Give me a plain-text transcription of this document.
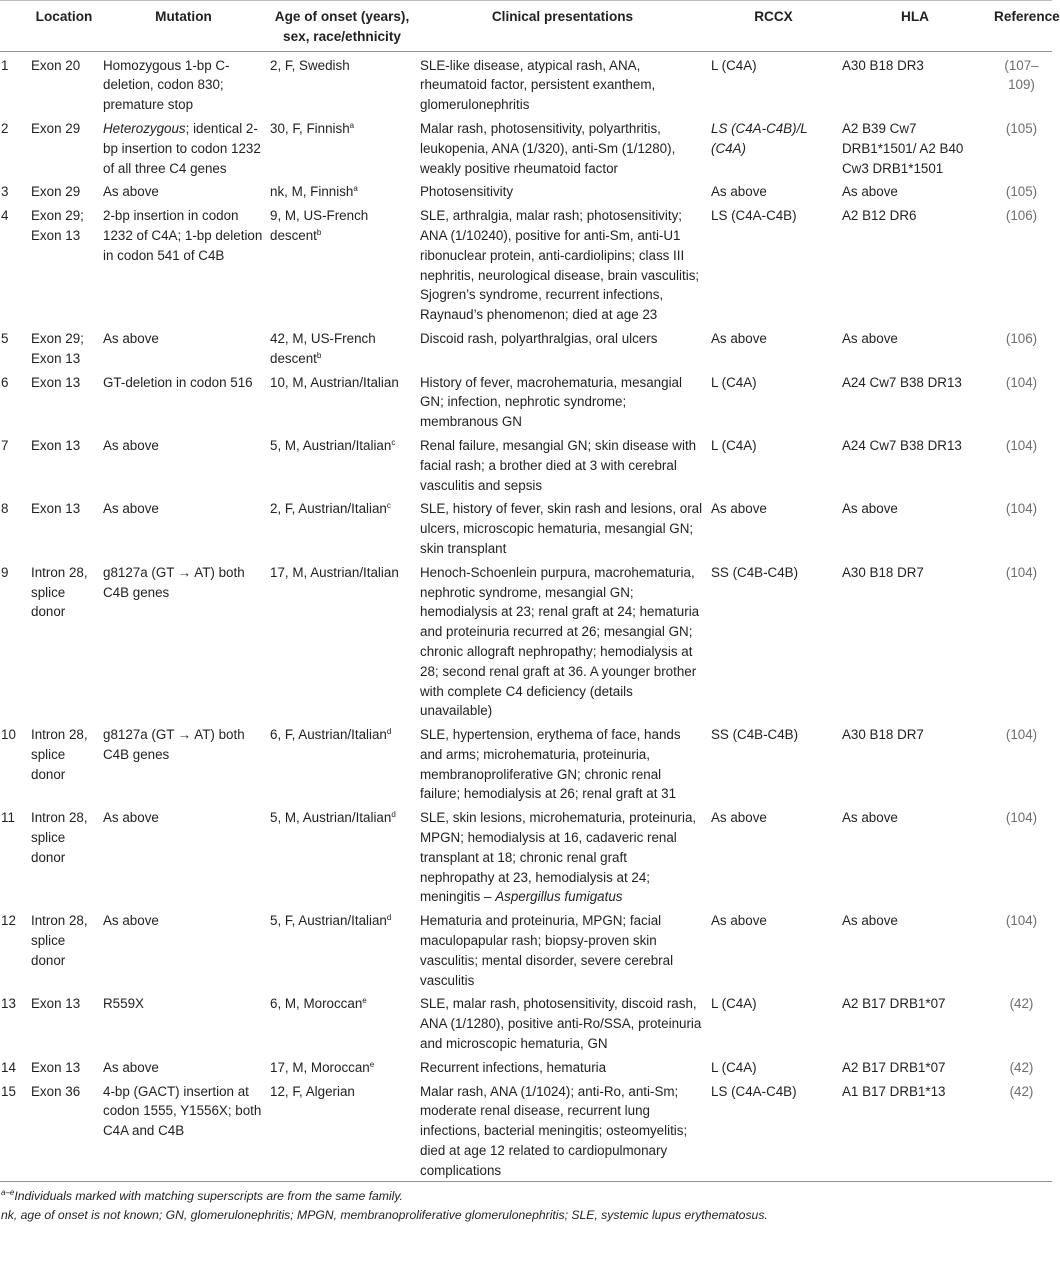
	Location	Mutation	Age of onset (years), sex, race/ethnicity	Clinical presentations	RCCX	HLA	Reference
1	Exon 20	Homozygous 1-bp C-deletion, codon 830; premature stop	2, F, Swedish	SLE-like disease, atypical rash, ANA, rheumatoid factor, persistent exanthem, glomerulonephritis	L (C4A)	A30 B18 DR3	(107–109)
2	Exon 29	Heterozygous; identical 2-bp insertion to codon 1232 of all three C4 genes	30, F, Finnish$^a$	Malar rash, photosensitivity, polyarthritis, leukopenia, ANA (1/320), anti-Sm (1/1280), weakly positive rheumatoid factor	LS (C4A-C4B)/L (C4A)	A2 B39 Cw7 DRB1*1501/ A2 B40 Cw3 DRB1*1501	(105)
3	Exon 29	As above	nk, M, Finnish$^a$	Photosensitivity	As above	As above	(105)
4	Exon 29; Exon 13	2-bp insertion in codon 1232 of C4A; 1-bp deletion in codon 541 of C4B	9, M, US-French descent$^b$	SLE, arthralgia, malar rash; photosensitivity; ANA (1/10240), positive for anti-Sm, anti-U1 ribonuclear protein, anti-cardiolipins; class III nephritis, neurological disease, brain vasculitis; Sjogren’s syndrome, recurrent infections, Raynaud’s phenomenon; died at age 23	LS (C4A-C4B)	A2 B12 DR6	(106)
5	Exon 29; Exon 13	As above	42, M, US-French descent$^b$	Discoid rash, polyarthralgias, oral ulcers	As above	As above	(106)
6	Exon 13	GT-deletion in codon 516	10, M, Austrian/Italian	History of fever, macrohematuria, mesangial GN; infection, nephrotic syndrome; membranous GN	L (C4A)	A24 Cw7 B38 DR13	(104)
7	Exon 13	As above	5, M, Austrian/Italian$^c$	Renal failure, mesangial GN; skin disease with facial rash; a brother died at 3 with cerebral vasculitis and sepsis	L (C4A)	A24 Cw7 B38 DR13	(104)
8	Exon 13	As above	2, F, Austrian/Italian$^c$	SLE, history of fever, skin rash and lesions, oral ulcers, microscopic hematuria, mesangial GN; skin transplant	As above	As above	(104)
9	Intron 28, splice donor	g8127a (GT → AT) both C4B genes	17, M, Austrian/Italian	Henoch-Schoenlein purpura, macrohematuria, nephrotic syndrome, mesangial GN; hemodialysis at 23; renal graft at 24; hematuria and proteinuria recurred at 26; mesangial GN; chronic allograft nephropathy; hemodialysis at 28; second renal graft at 36. A younger brother with complete C4 deficiency (details unavailable)	SS (C4B-C4B)	A30 B18 DR7	(104)
10	Intron 28, splice donor	g8127a (GT → AT) both C4B genes	6, F, Austrian/Italian$^d$	SLE, hypertension, erythema of face, hands and arms; microhematuria, proteinuria, membranoproliferative GN; chronic renal failure; hemodialysis at 26; renal graft at 31	SS (C4B-C4B)	A30 B18 DR7	(104)
11	Intron 28, splice donor	As above	5, M, Austrian/Italian$^d$	SLE, skin lesions, microhematuria, proteinuria, MPGN; hemodialysis at 16, cadaveric renal transplant at 18; chronic renal graft nephropathy at 23, hemodialysis at 24; meningitis – Aspergillus fumigatus	As above	As above	(104)
12	Intron 28, splice donor	As above	5, F, Austrian/Italian$^d$	Hematuria and proteinuria, MPGN; facial maculopapular rash; biopsy-proven skin vasculitis; mental disorder, severe cerebral vasculitis	As above	As above	(104)
13	Exon 13	R559X	6, M, Moroccan$^e$	SLE, malar rash, photosensitivity, discoid rash, ANA (1/1280), positive anti-Ro/SSA, proteinuria and microscopic hematuria, GN	L (C4A)	A2 B17 DRB1*07	(42)
14	Exon 13	As above	17, M, Moroccan$^e$	Recurrent infections, hematuria	L (C4A)	A2 B17 DRB1*07	(42)
15	Exon 36	4-bp (GACT) insertion at codon 1555, Y1556X; both C4A and C4B	12, F, Algerian	Malar rash, ANA (1/1024); anti-Ro, anti-Sm; moderate renal disease, recurrent lung infections, bacterial meningitis; osteomyelitis; died at age 12 related to cardiopulmonary complications	LS (C4A-C4B)	A1 B17 DRB1*13	(42)
$^{a-e}$Individuals marked with matching superscripts are from the same family.
nk, age of onset is not known; GN, glomerulonephritis; MPGN, membranoproliferative glomerulonephritis; SLE, systemic lupus erythematosus.
